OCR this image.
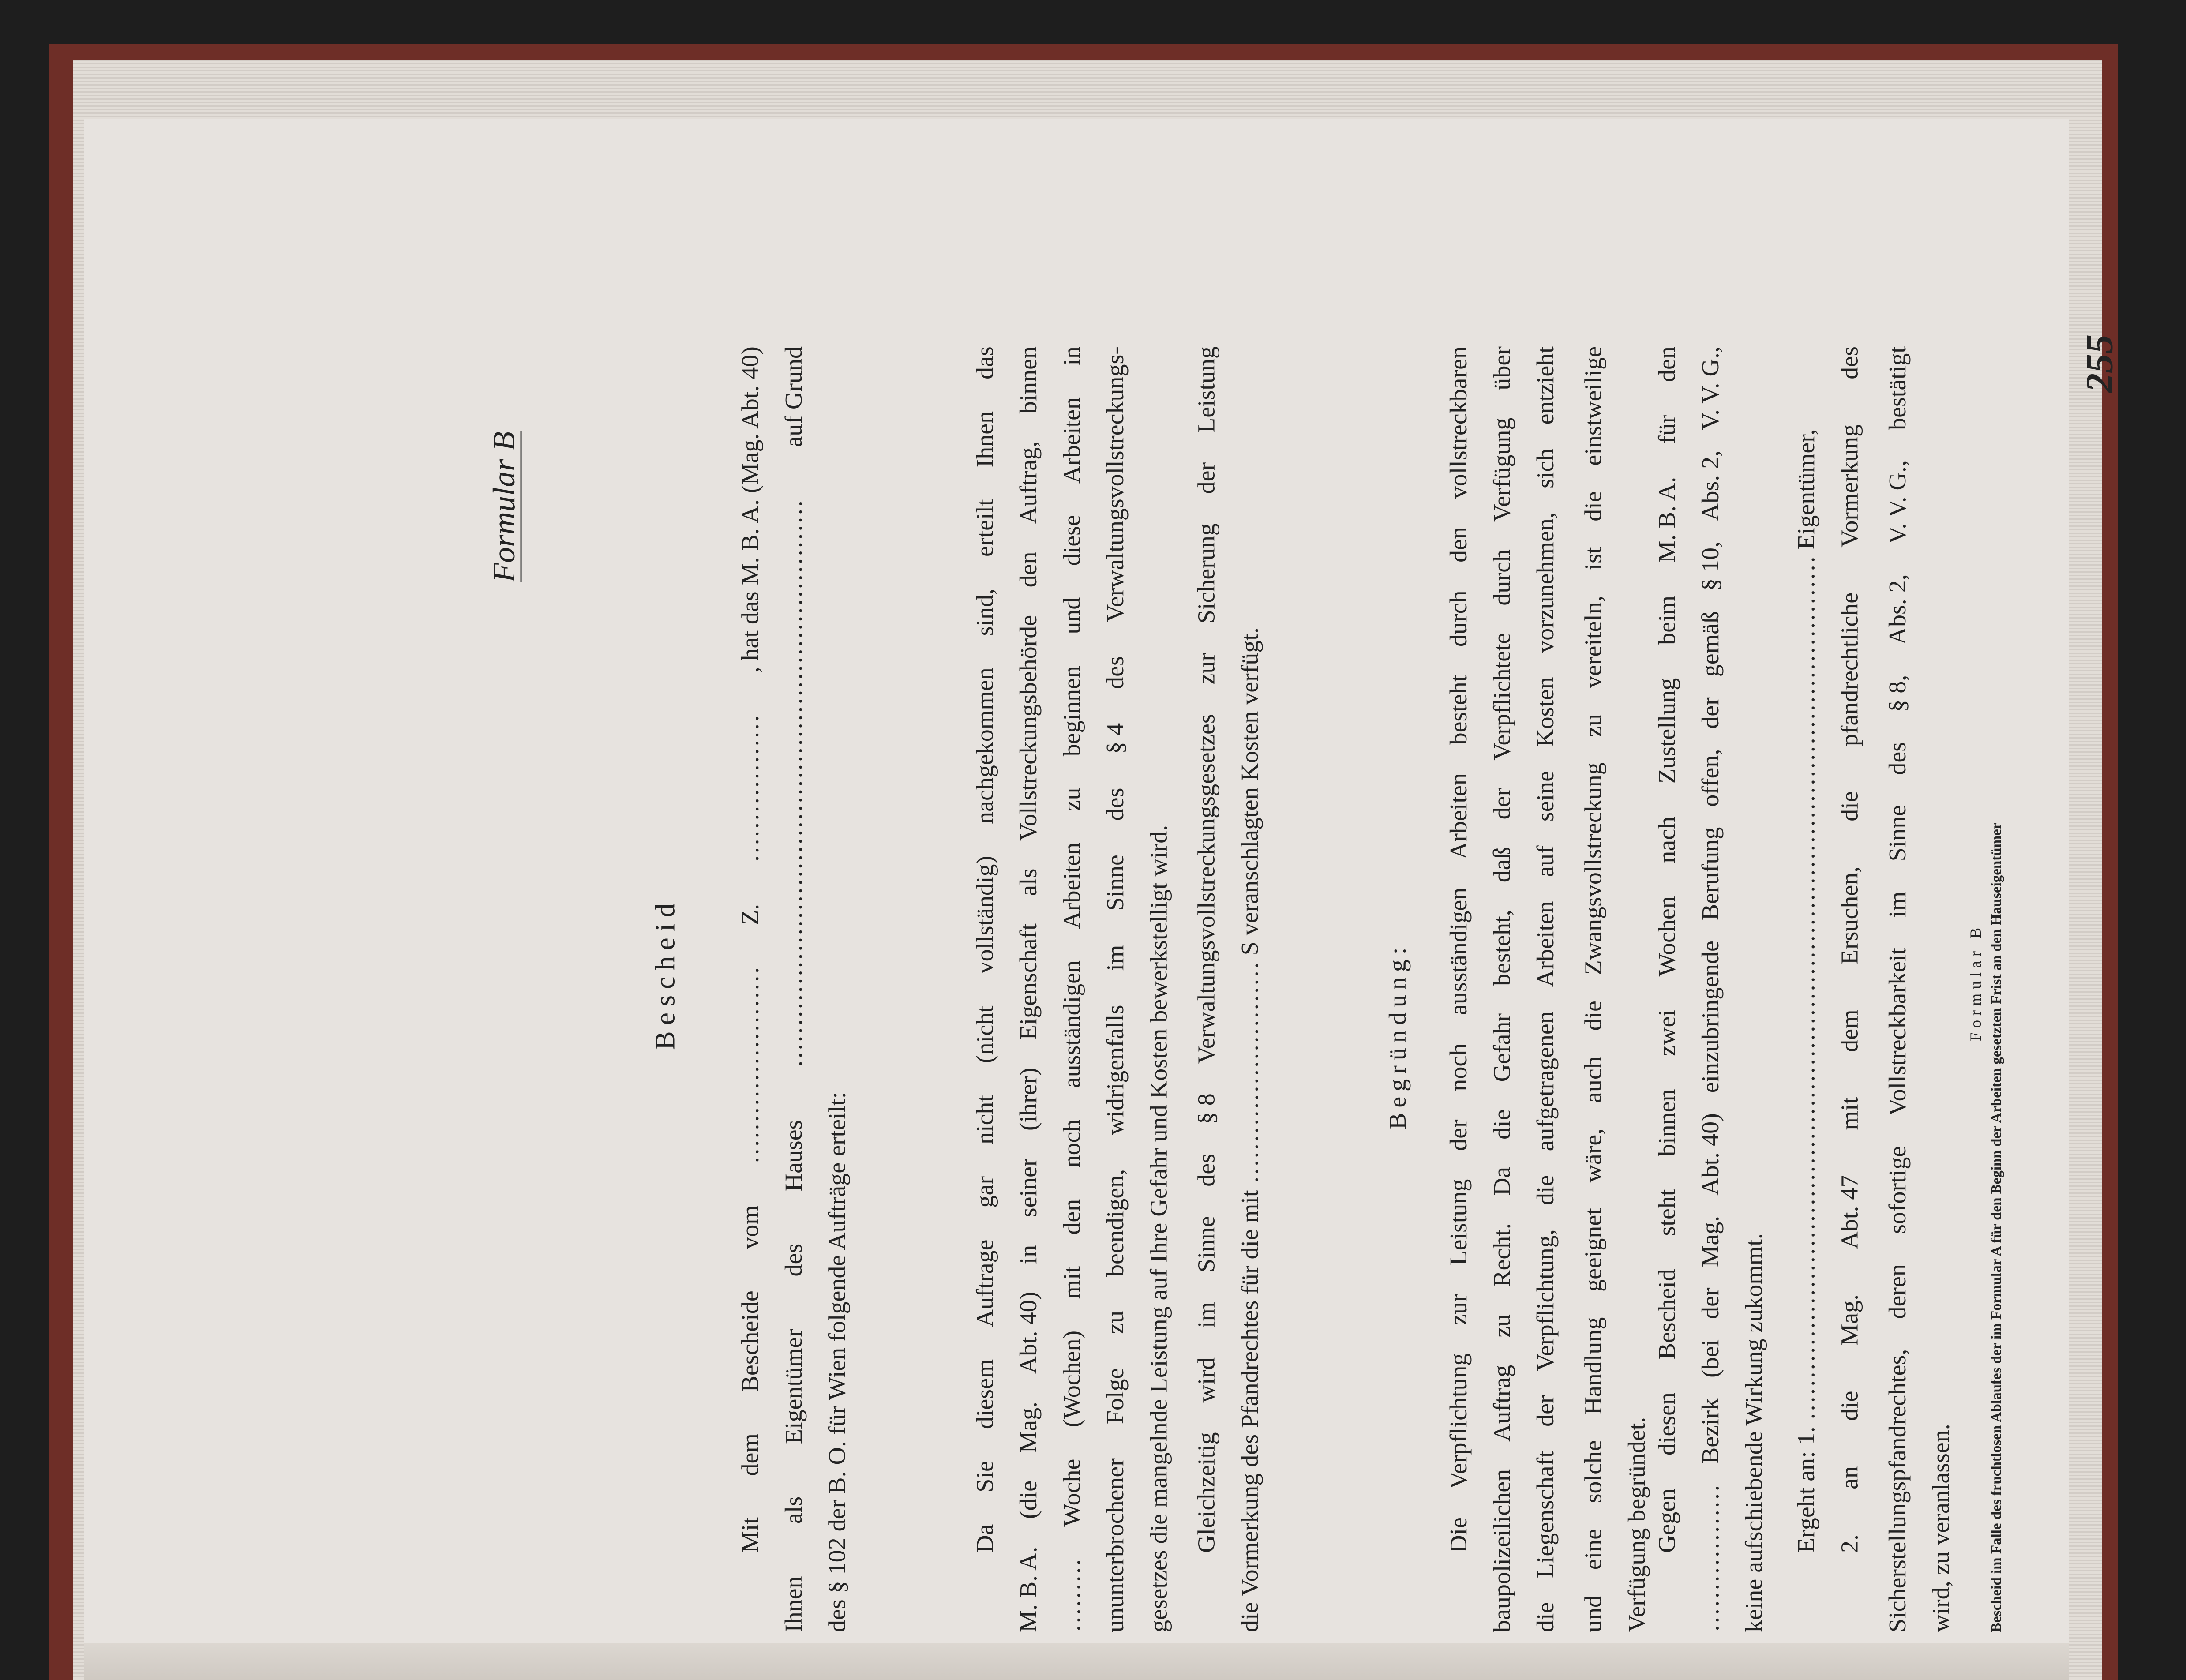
Formular B
Bescheid	Begründung:	Ergeht an: 1. …………………………………………………………………………………………… Eigentümer, 2.
an
die
Mag.
Abt. 47
mit
dem
Ersuchen,
die
pfandrechtliche
Vormerkung
des
Sicherstellungspfandrechtes,
deren
sofortige
Vollstreckbarkeit
im
Sinne
des
§ 8,
Abs. 2,
V. V. G.,
bestätigt
wird, zu veranlassen.
Formular B Bescheid im Falle des fruchtlosen Ablaufes der im Formular A für den Beginn der Arbeiten gesetzten Frist an den Hauseigentümer
255
Mit
dem
Bescheide
vom
……………………
Z.
………………
, hat das M. B. A. (Mag. Abt. 40)
Ihnen
als
Eigentümer
des
Hauses
……………………………………………………………
auf Grund
des § 102 der B. O. für Wien folgende Aufträge erteilt:	Da
Sie
diesem
Auftrage
gar
nicht
(nicht
vollständig)
nachgekommen
sind,
erteilt
Ihnen
das
M. B. A.
(die
Mag.
Abt. 40)
in
seiner
(ihrer)
Eigenschaft
als
Vollstreckungsbehörde
den
Auftrag,
binnen
………
Woche
(Wochen)
mit
den
noch
ausständigen
Arbeiten
zu
beginnen
und
diese
Arbeiten
in
ununterbrochener
Folge
zu
beendigen,
widrigenfalls
im
Sinne
des
§ 4
des
Verwaltungsvollstreckungs-
gesetzes die mangelnde Leistung auf Ihre Gefahr und Kosten bewerkstelligt wird. Gleichzeitig
wird
im
Sinne
des
§ 8
Verwaltungsvollstreckungsgesetzes
zur
Sicherung
der
Leistung
die Vormerkung des Pfandrechtes für die mit ……………………… S veranschlagten Kosten verfügt.	Die
Verpflichtung
zur
Leistung
der
noch
ausständigen
Arbeiten
besteht
durch
den
vollstreckbaren
baupolizeilichen
Auftrag
zu
Recht.
Da
die
Gefahr
besteht,
daß
der
Verpflichtete
durch
Verfügung
über
die
Liegenschaft
der
Verpflichtung,
die
aufgetragenen
Arbeiten
auf
seine
Kosten
vorzunehmen,
sich
entzieht
und
eine
solche
Handlung
geeignet
wäre,
auch
die
Zwangsvollstreckung
zu
vereiteln,
ist
die
einstweilige
Verfügung begründet. Gegen
diesen
Bescheid
steht
binnen
zwei
Wochen
nach
Zustellung
beim
M. B. A.
für
den
………………
Bezirk
(bei
der
Mag.
Abt. 40)
einzubringende
Berufung
offen,
der
gemäß
§ 10,
Abs. 2,
V. V. G.,
keine aufschiebende Wirkung zukommt.
